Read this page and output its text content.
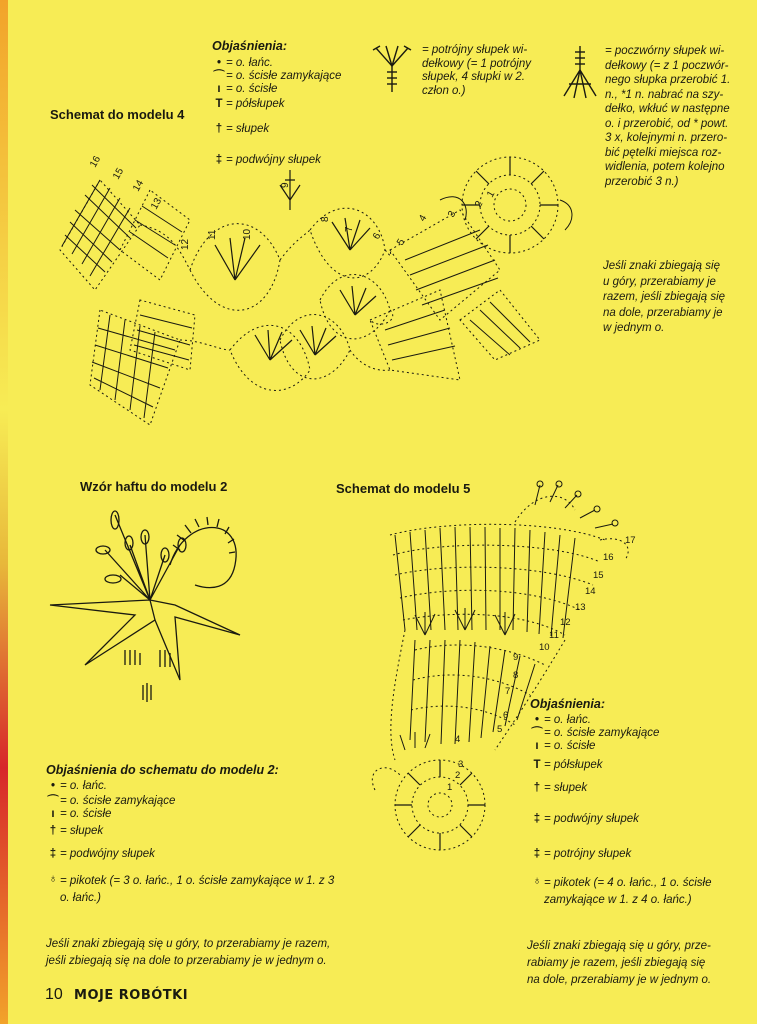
Objaśnienia:
• = o. łańc.
⌒= o. ścisłe zamykające
ı = o. ścisłe
T = półsłupek
† = słupek
‡ = podwójny słupek
= potrójny słupek wi-
dełkowy (= 1 potrójny
słupek, 4 słupki w 2.
człon o.)
= poczwórny słupek wi-
dełkowy (= z 1 poczwór-
nego słupka przerobić 1.
n., *1 n. nabrać na szy-
dełko, wkłuć w następne
o. i przerobić, od * powt.
3 x, kolejnymi n. przero-
bić pętelki miejsca roz-
widlenia, potem kolejno
przerobić 3 n.)
Jeśli znaki zbiegają się
u góry, przerabiamy je
razem, jeśli zbiegają się
na dole, przerabiamy je
w jednym o.
Schemat do modelu 4
16
15
14
13
12
11 10
9
8
7
6
5
4 3
2
1
Wzór haftu do modelu 2	Schemat do modelu 5
17
16
15
14
13
12
11
10
9
8
7
6
5
4
3
2
1
Objaśnienia:
• = o. łańc.
⌒= o. ścisłe zamykające
ı = o. ścisłe
T = półsłupek
† = słupek
‡ = podwójny słupek
‡ = potrójny słupek
♁ = pikotek (= 4 o. łańc., 1 o. ścisłe
zamykające w 1. z 4 o. łańc.)
Jeśli znaki zbiegają się u góry, prze-
rabiamy je razem, jeśli zbiegają się
na dole, przerabiamy je w jednym o.
Objaśnienia do schematu do modelu 2:
• = o. łańc.
⌒= o. ścisłe zamykające
ı = o. ścisłe
† = słupek
‡ = podwójny słupek
♁ = pikotek (= 3 o. łańc., 1 o. ścisłe zamykające w 1. z 3
o. łańc.)
Jeśli znaki zbiegają się u góry, to przerabiamy je razem,
jeśli zbiegają się na dole to przerabiamy je w jednym o.
10 MOJE ROBÓTKI
